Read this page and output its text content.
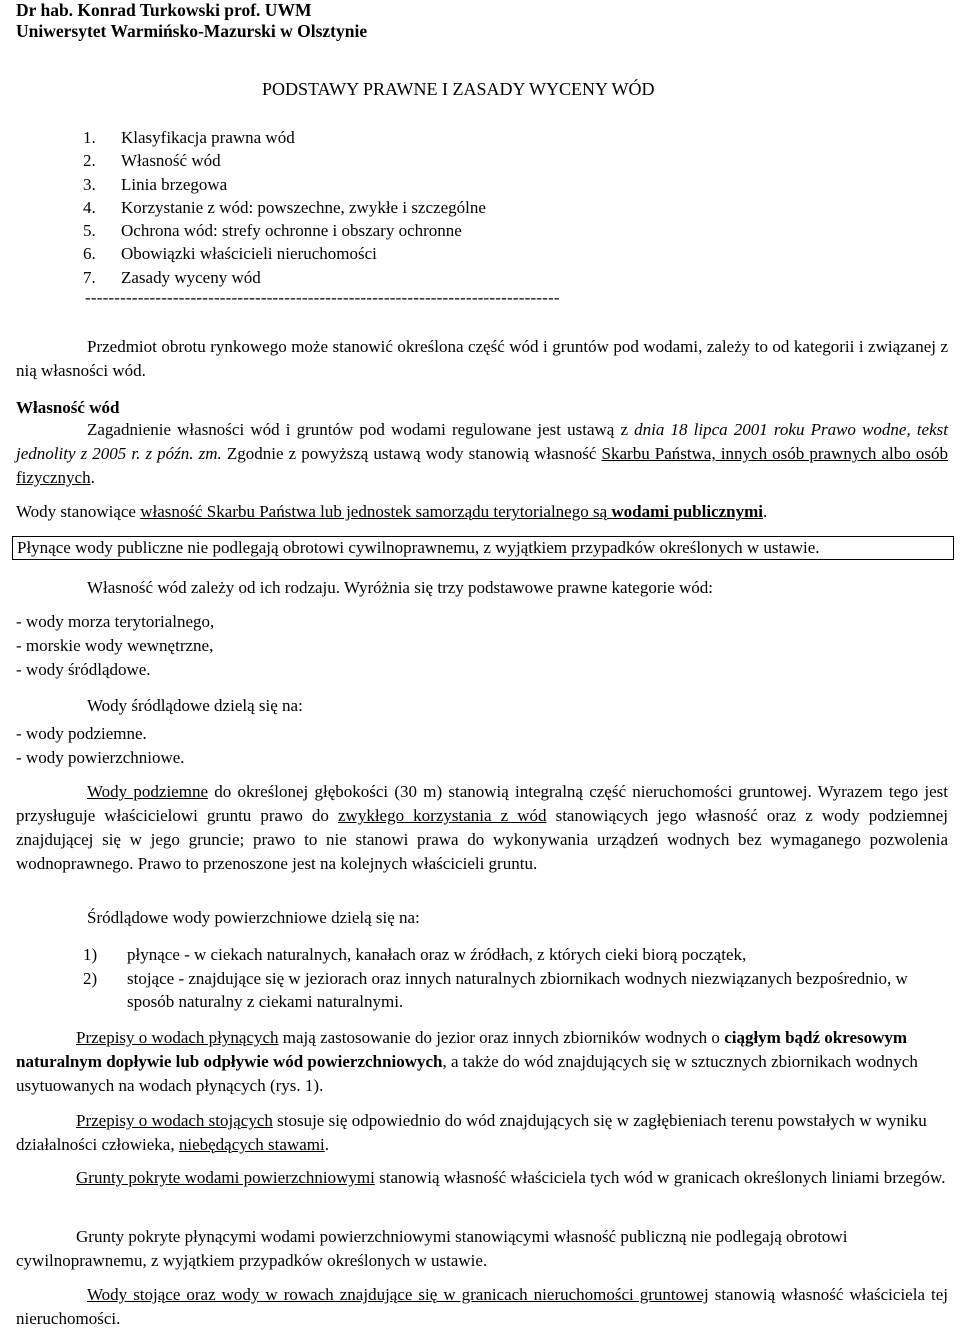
Dr hab. Konrad Turkowski prof. UWM
Uniwersytet Warmińsko-Mazurski w Olsztynie
PODSTAWY PRAWNE I ZASADY WYCENY WÓD
1. Klasyfikacja prawna wód
2. Własność wód
3. Linia brzegowa
4. Korzystanie z wód: powszechne, zwykłe i szczególne
5. Ochrona wód: strefy ochronne i obszary ochronne
6. Obowiązki właścicieli nieruchomości
7. Zasady wyceny wód
---------------------------------------------------------------------------------
Przedmiot obrotu rynkowego może stanowić określona część wód i gruntów pod wodami, zależy to od kategorii i związanej z nią własności wód.
Własność wód
Zagadnienie własności wód i gruntów pod wodami regulowane jest ustawą z dnia 18 lipca 2001 roku Prawo wodne, tekst jednolity z 2005 r. z późn. zm. Zgodnie z powyższą ustawą wody stanowią własność Skarbu Państwa, innych osób prawnych albo osób fizycznych.
Wody stanowiące własność Skarbu Państwa lub jednostek samorządu terytorialnego są wodami publicznymi.
Płynące wody publiczne nie podlegają obrotowi cywilnoprawnemu, z wyjątkiem przypadków określonych w ustawie.
Własność wód zależy od ich rodzaju. Wyróżnia się trzy podstawowe prawne kategorie wód:
- wody morza terytorialnego,
- morskie wody wewnętrzne,
- wody śródlądowe.
Wody śródlądowe dzielą się na:
- wody podziemne.
- wody powierzchniowe.
Wody podziemne do określonej głębokości (30 m) stanowią integralną część nieruchomości gruntowej. Wyrazem tego jest przysługuje właścicielowi gruntu prawo do zwykłego korzystania z wód stanowiących jego własność oraz z wody podziemnej znajdującej się w jego gruncie; prawo to nie stanowi prawa do wykonywania urządzeń wodnych bez wymaganego pozwolenia wodnoprawnego. Prawo to przenoszone jest na kolejnych właścicieli gruntu.
Śródlądowe wody powierzchniowe dzielą się na:
1)	płynące - w ciekach naturalnych, kanałach oraz w źródłach, z których cieki biorą początek,
2)	stojące - znajdujące się w jeziorach oraz innych naturalnych zbiornikach wodnych niezwiązanych bezpośrednio, w sposób naturalny z ciekami naturalnymi.
Przepisy o wodach płynących mają zastosowanie do jezior oraz innych zbiorników wodnych o ciągłym bądź okresowym naturalnym dopływie lub odpływie wód powierzchniowych, a także do wód znajdujących się w sztucznych zbiornikach wodnych usytuowanych na wodach płynących (rys. 1).
Przepisy o wodach stojących stosuje się odpowiednio do wód znajdujących się w zagłębieniach terenu powstałych w wyniku działalności człowieka, niebędących stawami.
Grunty pokryte wodami powierzchniowymi stanowią własność właściciela tych wód w granicach określonych liniami brzegów.
Grunty pokryte płynącymi wodami powierzchniowymi stanowiącymi własność publiczną nie podlegają obrotowi cywilnoprawnemu, z wyjątkiem przypadków określonych w ustawie.
Wody stojące oraz wody w rowach znajdujące się w granicach nieruchomości gruntowej stanowią własność właściciela tej nieruchomości.
